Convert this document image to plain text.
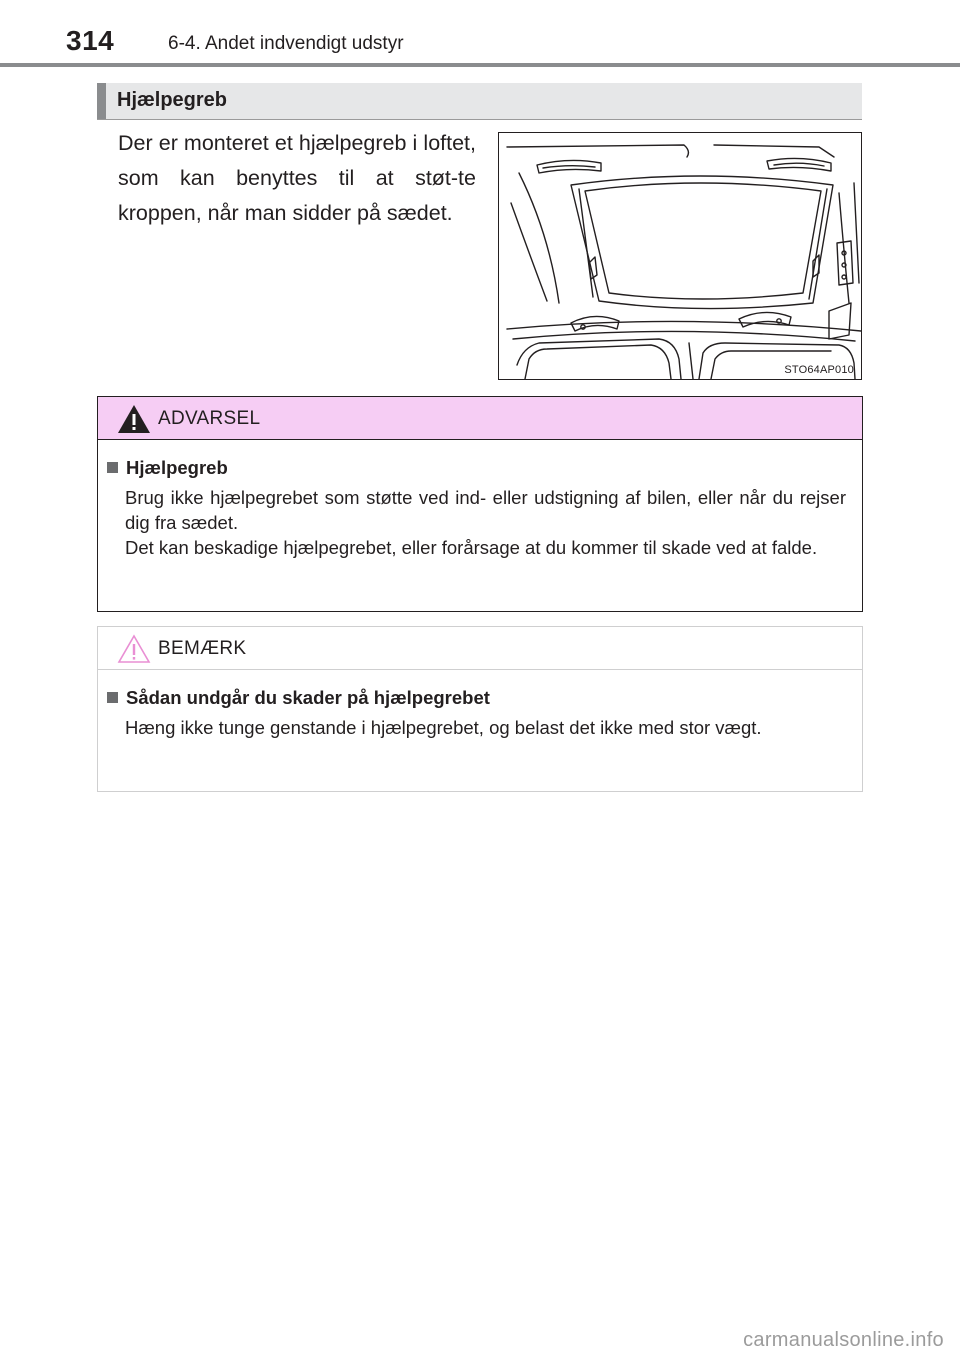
314	6-4. Andet indvendigt udstyr
Hjælpegreb
Der er monteret et hjælpegreb i loftet, som kan benyttes til at støt-te kroppen, når man sidder på sædet.
STO64AP010
ADVARSEL
Hjælpegreb

Brug ikke hjælpegrebet som støtte ved ind- eller udstigning af bilen, eller når du rejser dig fra sædet.

Det kan beskadige hjælpegrebet, eller forårsage at du kommer til skade ved at falde.

BEMÆRK
Sådan undgår du skader på hjælpegrebet

Hæng ikke tunge genstande i hjælpegrebet, og belast det ikke med stor vægt.

carmanualsonline.info
